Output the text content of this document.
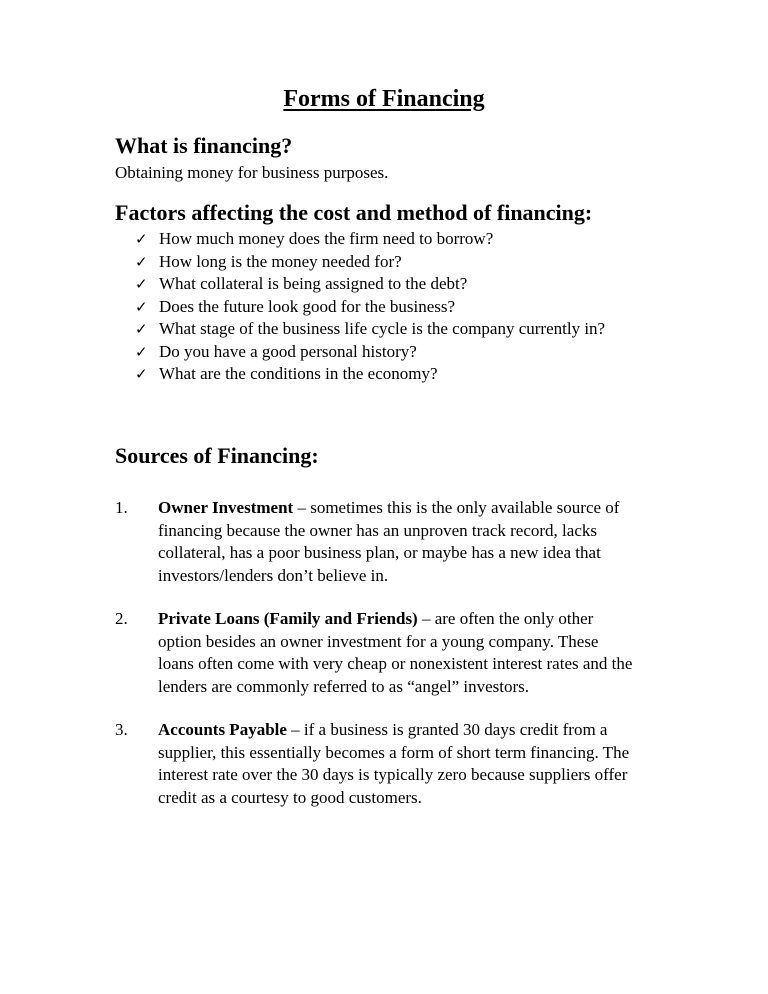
Forms of Financing
What is financing?

Obtaining money for business purposes.

Factors affecting the cost and method of financing:
✓ How much money does the firm need to borrow?
✓ How long is the money needed for?
✓ What collateral is being assigned to the debt?
✓ Does the future look good for the business?
✓ What stage of the business life cycle is the company currently in?
✓ Do you have a good personal history?
✓ What are the conditions in the economy?
Sources of Financing:
1. Owner Investment – sometimes this is the only available source of financing because the owner has an unproven track record, lacks collateral, has a poor business plan, or maybe has a new idea that investors/lenders don’t believe in.
2. Private Loans (Family and Friends) – are often the only other option besides an owner investment for a young company. These loans often come with very cheap or nonexistent interest rates and the lenders are commonly referred to as “angel” investors.
3. Accounts Payable – if a business is granted 30 days credit from a supplier, this essentially becomes a form of short term financing. The interest rate over the 30 days is typically zero because suppliers offer credit as a courtesy to good customers.
